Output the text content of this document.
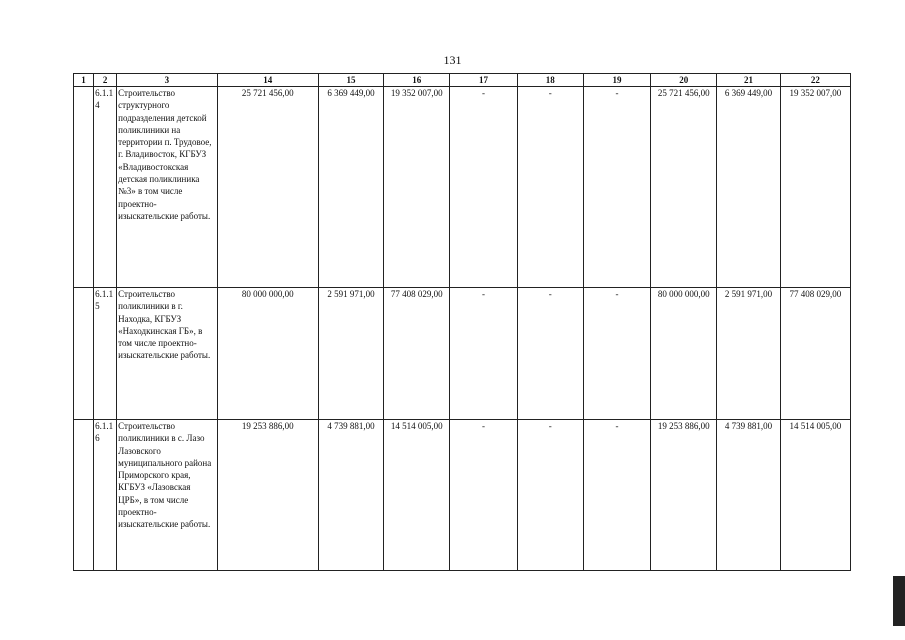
131
1	2	3	14	15	16	17	18	19	20	21	22
	6.1.1 4	Строительство структурного подразделения детской поликлиники на территории п. Трудовое, г. Владивосток, КГБУЗ «Владивостокская детская поликлиника №3» в том числе проектно-изыскательские работы.	25 721 456,00	6 369 449,00	19 352 007,00	-	-	-	25 721 456,00	6 369 449,00	19 352 007,00
	6.1.1 5	Строительство поликлиники в г. Находка, КГБУЗ «Находкинская ГБ», в том числе проектно-изыскательские работы.	80 000 000,00	2 591 971,00	77 408 029,00	-	-	-	80 000 000,00	2 591 971,00	77 408 029,00
	6.1.1 6	Строительство поликлиники в с. Лазо Лазовского муниципального района Приморского края, КГБУЗ «Лазовская ЦРБ», в том числе проектно-изыскательские работы.	19 253 886,00	4 739 881,00	14 514 005,00	-	-	-	19 253 886,00	4 739 881,00	14 514 005,00
